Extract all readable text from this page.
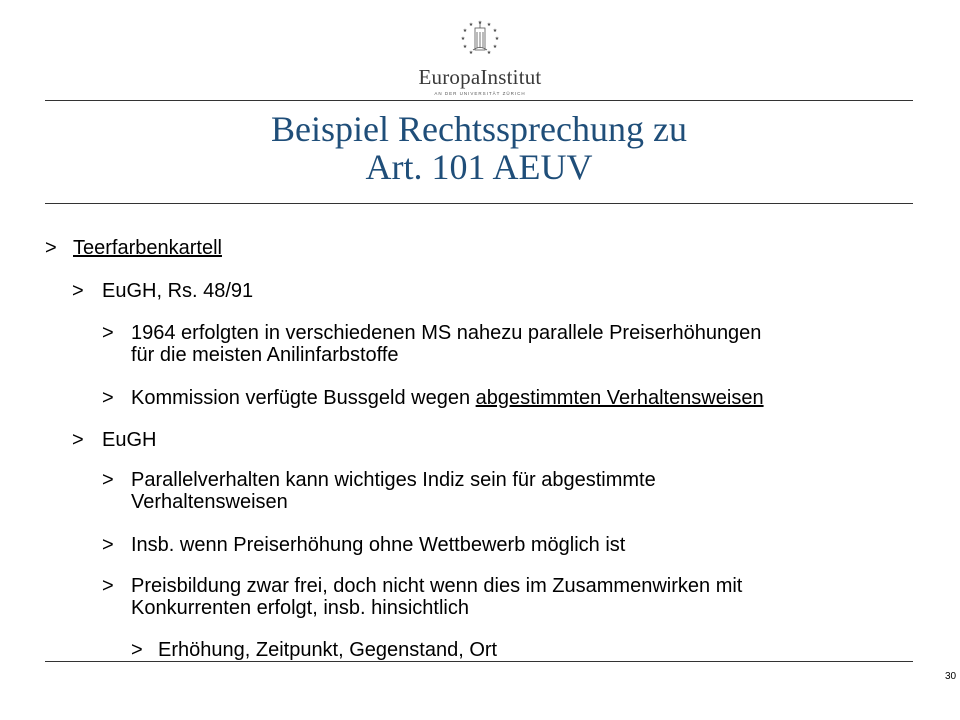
★ ★
★
★
★
★
★
★
★
★
★
EuropaInstitut
AN DER UNIVERSITÄT ZÜRICH
Beispiel Rechtssprechung zu
Art. 101 AEUV
> Teerfarbenkartell
> EuGH, Rs. 48/91
> 1964 erfolgten in verschiedenen MS nahezu parallele Preiserhöhungen
für die meisten Anilinfarbstoffe
> Kommission verfügte Bussgeld wegen abgestimmten Verhaltensweisen
> EuGH
> Parallelverhalten kann wichtiges Indiz sein für abgestimmte
Verhaltensweisen
> Insb. wenn Preiserhöhung ohne Wettbewerb möglich ist
> Preisbildung zwar frei, doch nicht wenn dies im Zusammenwirken mit
Konkurrenten erfolgt, insb. hinsichtlich
> Erhöhung, Zeitpunkt, Gegenstand, Ort
30
